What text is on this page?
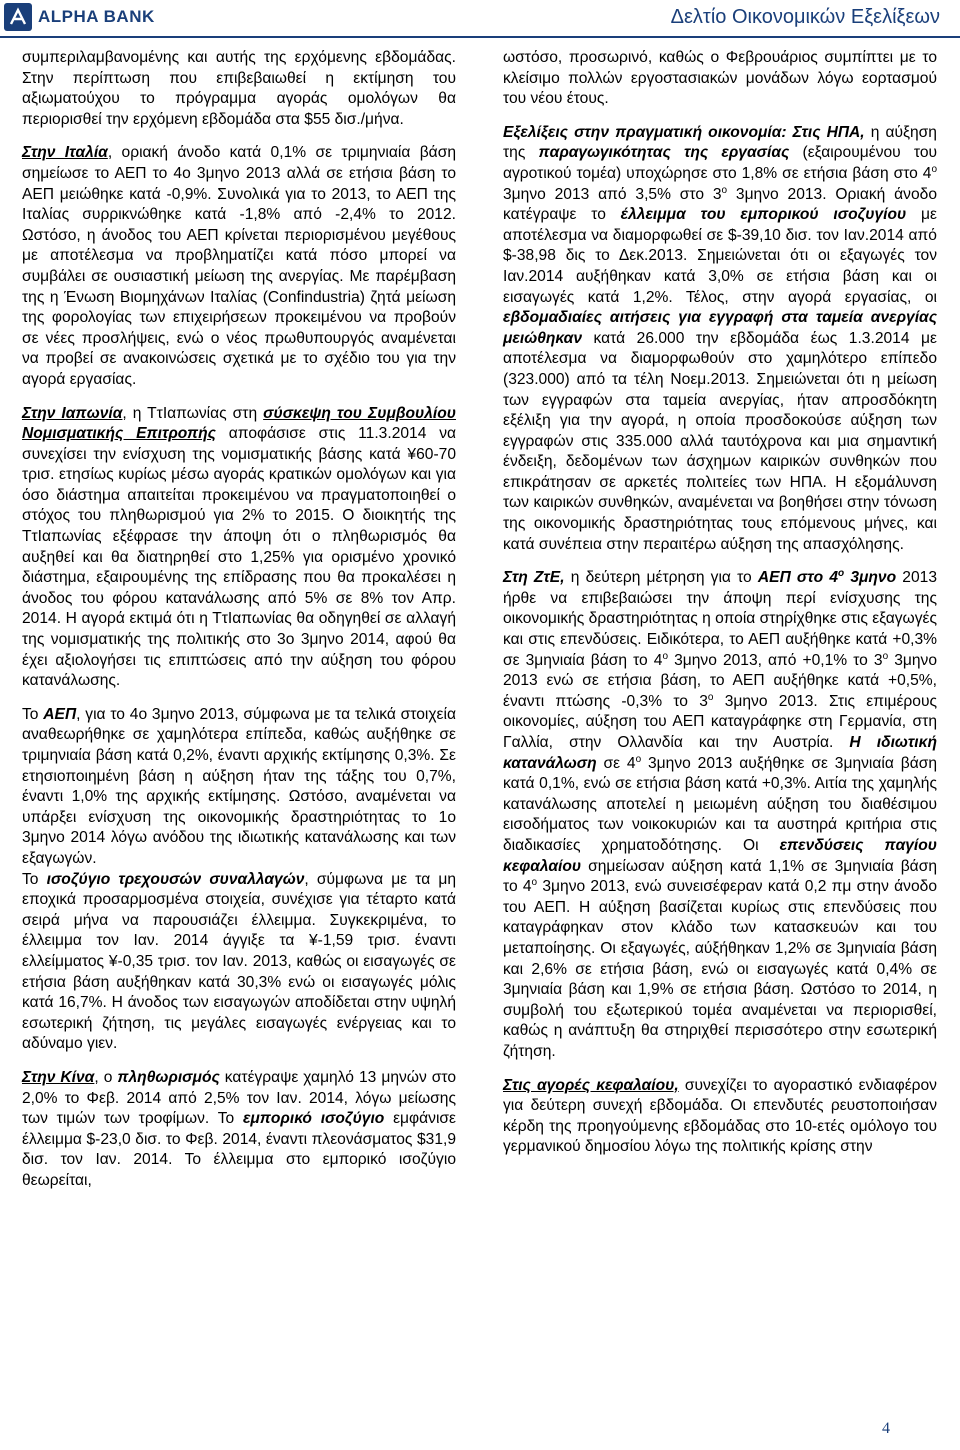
ALPHA BANK	Δελτίο Οικονομικών Εξελίξεων

συμπεριλαμβανομένης και αυτής της ερχόμενης εβδομάδας. Στην περίπτωση που επιβεβαιωθεί η εκτίμηση του αξιωματούχου το πρόγραμμα αγοράς ομολόγων θα περιορισθεί την ερχόμενη εβδομάδα στα $55 δισ./μήνα.

Στην Ιταλία, οριακή άνοδο κατά 0,1% σε τριμηνιαία βάση σημείωσε το ΑΕΠ το 4ο 3μηνο 2013 αλλά σε ετήσια βάση το ΑΕΠ μειώθηκε κατά -0,9%. Συνολικά για το 2013, το ΑΕΠ της Ιταλίας συρρικνώθηκε κατά -1,8% από -2,4% το 2012. Ωστόσο, η άνοδος του ΑΕΠ κρίνεται περιορισμένου μεγέθους με αποτέλεσμα να προβληματίζει κατά πόσο μπορεί να συμβάλει σε ουσιαστική μείωση της ανεργίας. Με παρέμβαση της η Ένωση Βιομηχάνων Ιταλίας (Confindustria) ζητά μείωση της φορολογίας των επιχειρήσεων προκειμένου να προβούν σε νέες προσλήψεις, ενώ ο νέος πρωθυπουργός αναμένεται να προβεί σε ανακοινώσεις σχετικά με το σχέδιο του για την αγορά εργασίας.

Στην Ιαπωνία, η ΤτΙαπωνίας στη σύσκεψη του Συμβουλίου Νομισματικής Επιτροπής αποφάσισε στις 11.3.2014 να συνεχίσει την ενίσχυση της νομισματικής βάσης κατά ¥60-70 τρισ. ετησίως κυρίως μέσω αγοράς κρατικών ομολόγων και για όσο διάστημα απαιτείται προκειμένου να πραγματοποιηθεί ο στόχος του πληθωρισμού για 2% το 2015. Ο διοικητής της ΤτΙαπωνίας εξέφρασε την άποψη ότι ο πληθωρισμός θα αυξηθεί και θα διατηρηθεί στο 1,25% για ορισμένο χρονικό διάστημα, εξαιρουμένης της επίδρασης που θα προκαλέσει η άνοδος του φόρου κατανάλωσης από 5% σε 8% τον Απρ. 2014. Η αγορά εκτιμά ότι η ΤτΙαπωνίας θα οδηγηθεί σε αλλαγή της νομισματικής της πολιτικής στο 3ο 3μηνο 2014, αφού θα έχει αξιολογήσει τις επιπτώσεις από την αύξηση του φόρου κατανάλωσης.

Το ΑΕΠ, για το 4ο 3μηνο 2013, σύμφωνα με τα τελικά στοιχεία αναθεωρήθηκε σε χαμηλότερα επίπεδα, καθώς αυξήθηκε σε τριμηνιαία βάση κατά 0,2%, έναντι αρχικής εκτίμησης 0,3%. Σε ετησιοποιημένη βάση η αύξηση ήταν της τάξης του 0,7%, έναντι 1,0% της αρχικής εκτίμησης. Ωστόσο, αναμένεται να υπάρξει ενίσχυση της οικονομικής δραστηριότητας το 1ο 3μηνο 2014 λόγω ανόδου της ιδιωτικής κατανάλωσης και των εξαγωγών.

Το ισοζύγιο τρεχουσών συναλλαγών, σύμφωνα με τα μη εποχικά προσαρμοσμένα στοιχεία, συνέχισε για τέταρτο κατά σειρά μήνα να παρουσιάζει έλλειμμα. Συγκεκριμένα, το έλλειμμα τον Ιαν. 2014 άγγιξε τα ¥-1,59 τρισ. έναντι ελλείμματος ¥-0,35 τρισ. τον Ιαν. 2013, καθώς οι εισαγωγές σε ετήσια βάση αυξήθηκαν κατά 30,3% ενώ οι εισαγωγές μόλις κατά 16,7%. Η άνοδος των εισαγωγών αποδίδεται στην υψηλή εσωτερική ζήτηση, τις μεγάλες εισαγωγές ενέργειας και το αδύναμο γιεν.

Στην Κίνα, ο πληθωρισμός κατέγραψε χαμηλό 13 μηνών στο 2,0% το Φεβ. 2014 από 2,5% τον Ιαν. 2014, λόγω μείωσης των τιμών των τροφίμων. Το εμπορικό ισοζύγιο εμφάνισε έλλειμμα $-23,0 δισ. το Φεβ. 2014, έναντι πλεονάσματος $31,9 δισ. τον Ιαν. 2014. Το έλλειμμα στο εμπορικό ισοζύγιο θεωρείται,

ωστόσο, προσωρινό, καθώς ο Φεβρουάριος συμπίπτει με το κλείσιμο πολλών εργοστασιακών μονάδων λόγω εορτασμού του νέου έτους.

Εξελίξεις στην πραγματική οικονομία: Στις ΗΠΑ, η αύξηση της παραγωγικότητας της εργασίας (εξαιρουμένου του αγροτικού τομέα) υποχώρησε στο 1,8% σε ετήσια βάση στο $4^o$ 3μηνο 2013 από 3,5% στο $3^o$ 3μηνο 2013. Οριακή άνοδο κατέγραψε το έλλειμμα του εμπορικού ισοζυγίου με αποτέλεσμα να διαμορφωθεί σε $-39,10 δισ. τον Ιαν.2014 από $-38,98 δις το Δεκ.2013. Σημειώνεται ότι οι εξαγωγές τον Ιαν.2014 αυξήθηκαν κατά 3,0% σε ετήσια βάση και οι εισαγωγές κατά 1,2%. Τέλος, στην αγορά εργασίας, οι εβδομαδιαίες αιτήσεις για εγγραφή στα ταμεία ανεργίας μειώθηκαν κατά 26.000 την εβδομάδα έως 1.3.2014 με αποτέλεσμα να διαμορφωθούν στο χαμηλότερο επίπεδο (323.000) από τα τέλη Νοεμ.2013. Σημειώνεται ότι η μείωση των εγγραφών στα ταμεία ανεργίας, ήταν απροσδόκητη εξέλιξη για την αγορά, η οποία προσδοκούσε αύξηση των εγγραφών στις 335.000 αλλά ταυτόχρονα και μια σημαντική ένδειξη, δεδομένων των άσχημων καιρικών συνθηκών που επικράτησαν σε αρκετές πολιτείες των ΗΠΑ. Η εξομάλυνση των καιρικών συνθηκών, αναμένεται να βοηθήσει στην τόνωση της οικονομικής δραστηριότητας τους επόμενους μήνες, και κατά συνέπεια στην περαιτέρω αύξηση της απασχόλησης.

Στη ΖτΕ, η δεύτερη μέτρηση για το ΑΕΠ στο $4^o$ 3μηνο 2013 ήρθε να επιβεβαιώσει την άποψη περί ενίσχυσης της οικονομικής δραστηριότητας η οποία στηρίχθηκε στις εξαγωγές και στις επενδύσεις. Ειδικότερα, το ΑΕΠ αυξήθηκε κατά +0,3% σε 3μηνιαία βάση το $4^o$ 3μηνο 2013, από +0,1% το $3^o$ 3μηνο 2013 ενώ σε ετήσια βάση, το ΑΕΠ αυξήθηκε κατά +0,5%, έναντι πτώσης -0,3% το $3^o$ 3μηνο 2013. Στις επιμέρους οικονομίες, αύξηση του ΑΕΠ καταγράφηκε στη Γερμανία, στη Γαλλία, στην Ολλανδία και την Αυστρία. Η ιδιωτική κατανάλωση σε $4^o$ 3μηνο 2013 αυξήθηκε σε 3μηνιαία βάση κατά 0,1%, ενώ σε ετήσια βάση κατά +0,3%. Αιτία της χαμηλής κατανάλωσης αποτελεί η μειωμένη αύξηση του διαθέσιμου εισοδήματος των νοικοκυριών και τα αυστηρά κριτήρια στις διαδικασίες χρηματοδότησης. Οι επενδύσεις παγίου κεφαλαίου σημείωσαν αύξηση κατά 1,1% σε 3μηνιαία βάση το $4^o$ 3μηνο 2013, ενώ συνεισέφεραν κατά 0,2 πμ στην άνοδο του ΑΕΠ. Η αύξηση βασίζεται κυρίως στις επενδύσεις που καταγράφηκαν στον κλάδο των κατασκευών και του μεταποίησης. Οι εξαγωγές, αύξήθηκαν 1,2% σε 3μηνιαία βάση και 2,6% σε ετήσια βάση, ενώ οι εισαγωγές κατά 0,4% σε 3μηνιαία βάση και 1,9% σε ετήσια βάση. Ωστόσο το 2014, η συμβολή του εξωτερικού τομέα αναμένεται να περιορισθεί, καθώς η ανάπτυξη θα στηριχθεί περισσότερο στην εσωτερική ζήτηση.

Στις αγορές κεφαλαίου, συνεχίζει το αγοραστικό ενδιαφέρον για δεύτερη συνεχή εβδομάδα. Οι επενδυτές ρευστοποιήσαν κέρδη της προηγούμενης εβδομάδας στο 10-ετές ομόλογο του γερμανικού δημοσίου λόγω της πολιτικής κρίσης στην

4
